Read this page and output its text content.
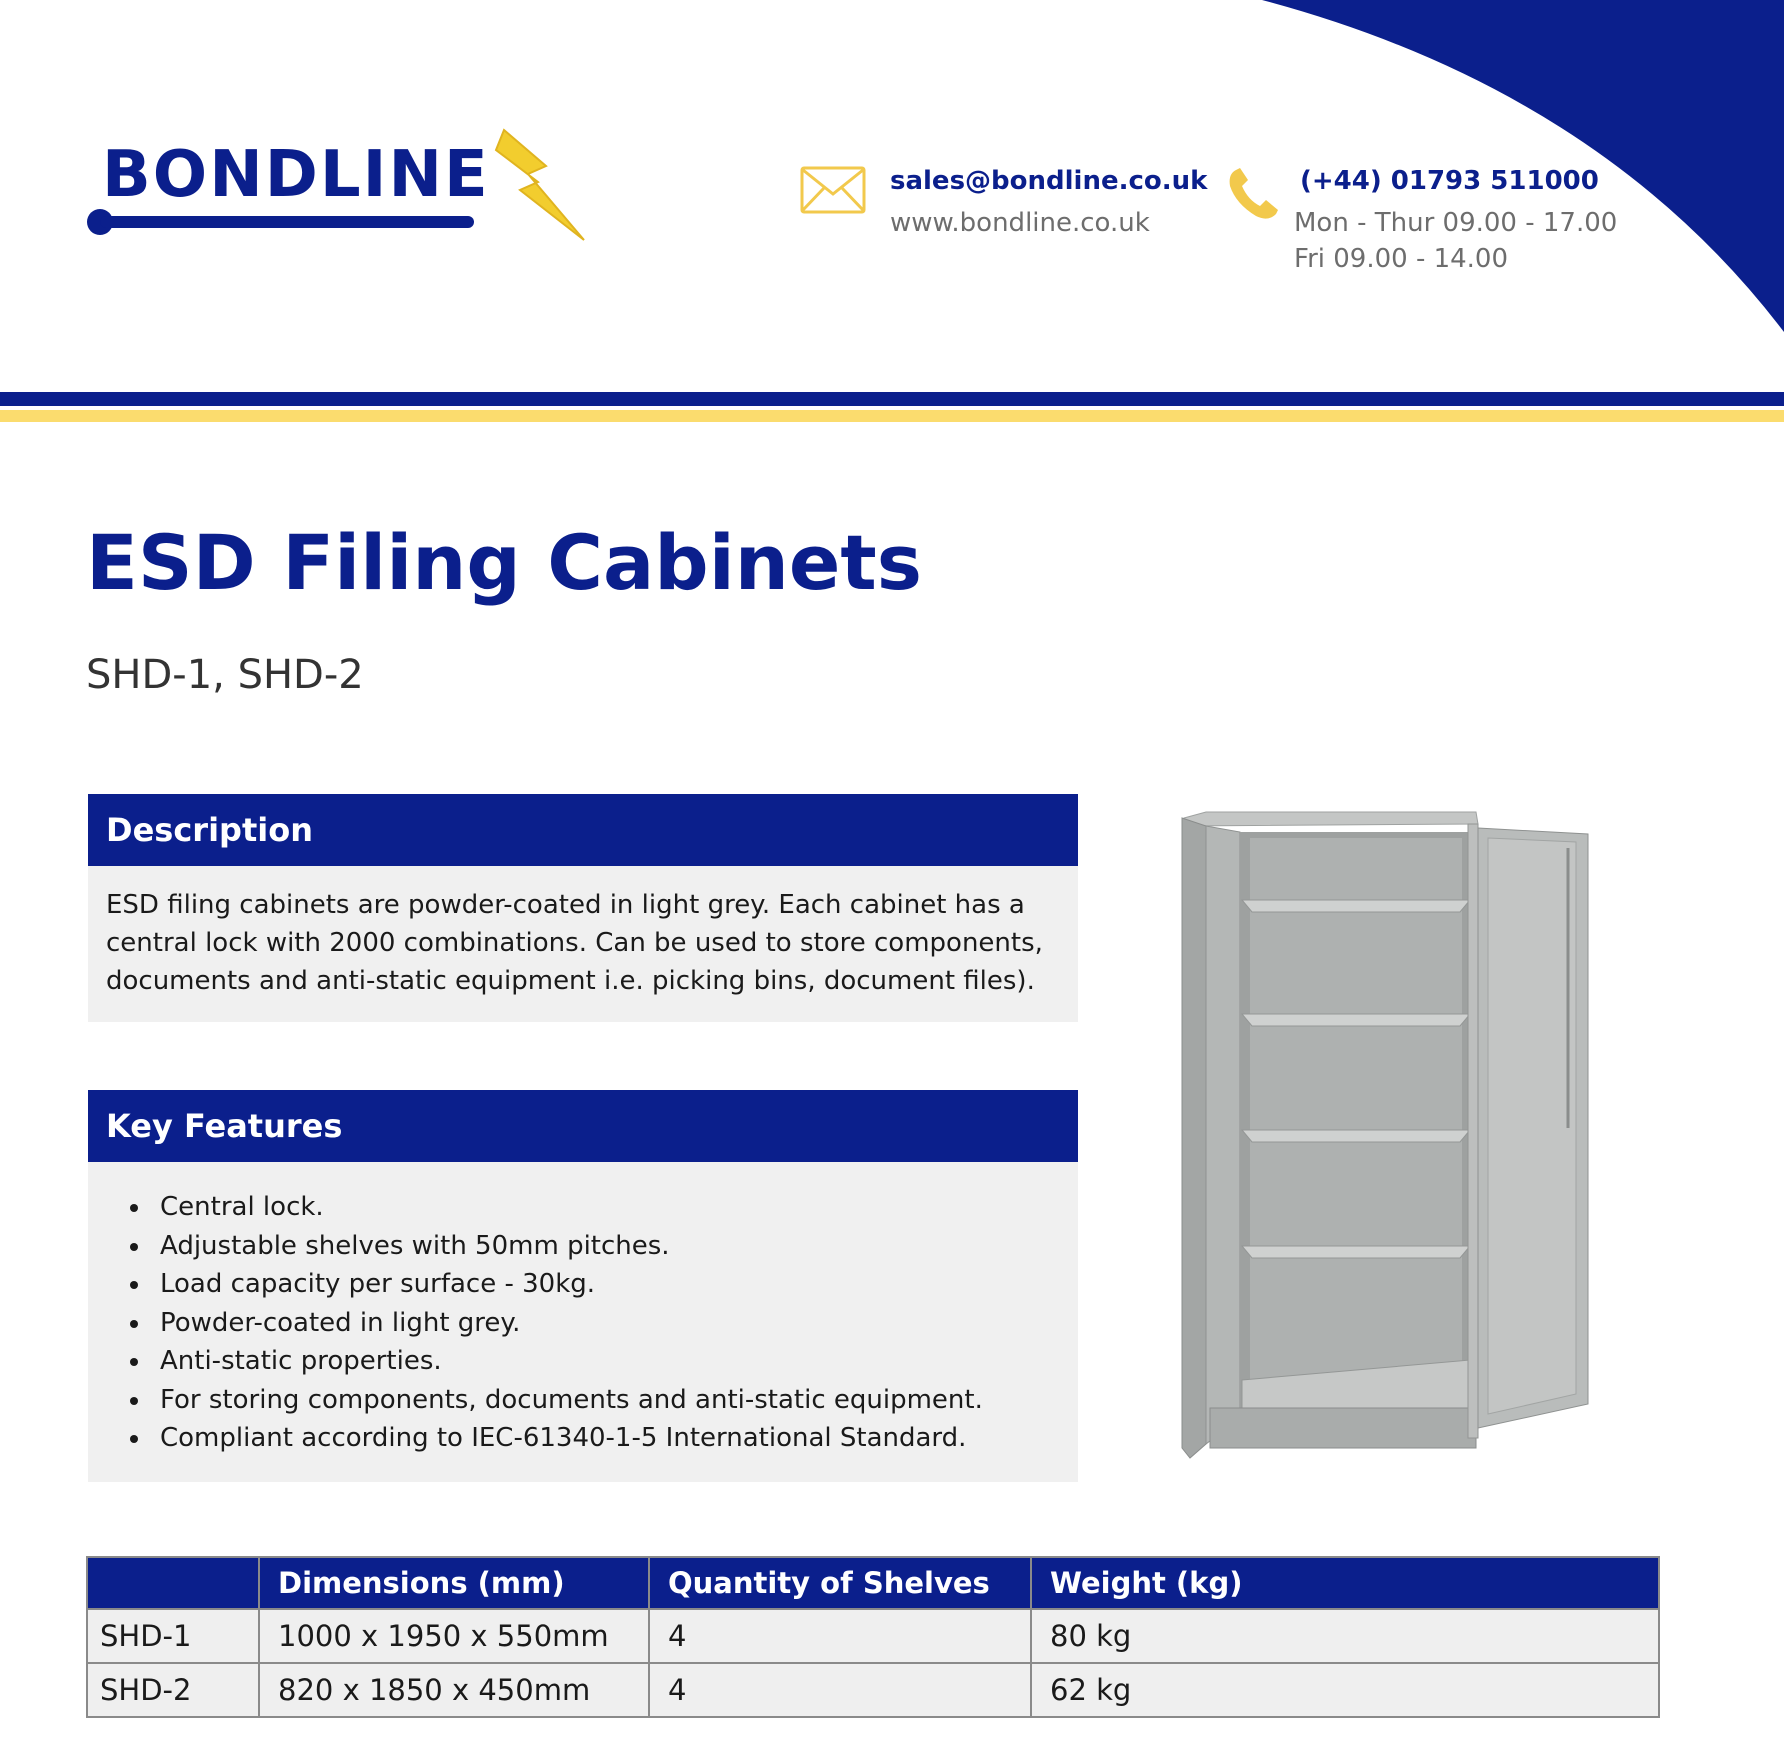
BONDLINE	sales@bondline.co.uk
www.bondline.co.uk
(+44) 01793 511000
Mon - Thur 09.00 - 17.00
Fri 09.00 - 14.00
ESD Filing Cabinets
SHD-1, SHD-2
Description

ESD filing cabinets are powder-coated in light grey. Each cabinet has a central lock with 2000 combinations. Can be used to store components, documents and anti-static equipment i.e. picking bins, document files).

Key Features
• Central lock.
• Adjustable shelves with 50mm pitches.
• Load capacity per surface - 30kg.
• Powder-coated in light grey.
• Anti-static properties.
• For storing components, documents and anti-static equipment.
• Compliant according to IEC-61340-1-5 International Standard.
	Dimensions (mm)	Quantity of Shelves	Weight (kg)
SHD-1	1000 x 1950 x 550mm	4	80 kg
SHD-2	820 x 1850 x 450mm	4	62 kg
